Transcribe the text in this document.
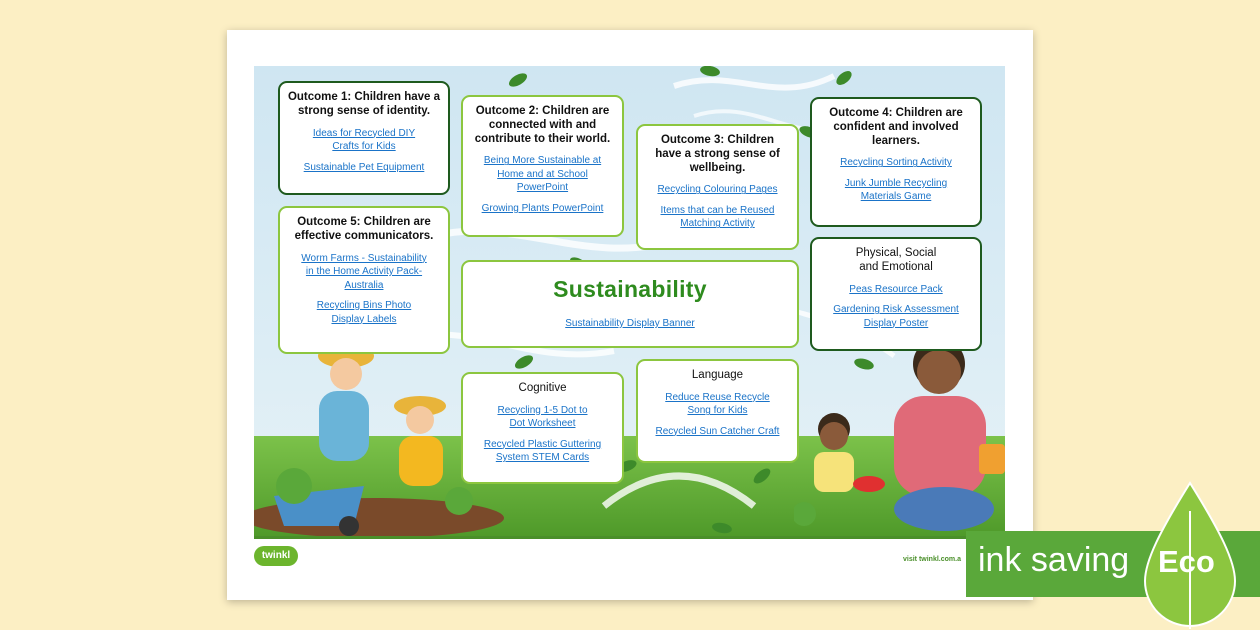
Outcome 1: Children have a strong sense of identity.
Ideas for Recycled DIY Crafts for Kids
Sustainable Pet Equipment
Outcome 2: Children are connected with and contribute to their world.
Being More Sustainable at Home and at School PowerPoint
Growing Plants PowerPoint
Outcome 3: Children have a strong sense of wellbeing.
Recycling Colouring Pages
Items that can be Reused Matching Activity
Outcome 4: Children are confident and involved learners.
Recycling Sorting Activity
Junk Jumble Recycling Materials Game
Outcome 5: Children are effective communicators.
Worm Farms - Sustainability in the Home Activity Pack-Australia
Recycling Bins Photo Display Labels
Sustainability
Sustainability Display Banner
Physical, Social and Emotional
Peas Resource Pack
Gardening Risk Assessment Display Poster
Cognitive
Recycling 1-5 Dot to Dot Worksheet
Recycled Plastic Guttering System STEM Cards
Language
Reduce Reuse Recycle Song for Kids
Recycled Sun Catcher Craft
twinkl	visit twinkl.com.a ink saving Eco
